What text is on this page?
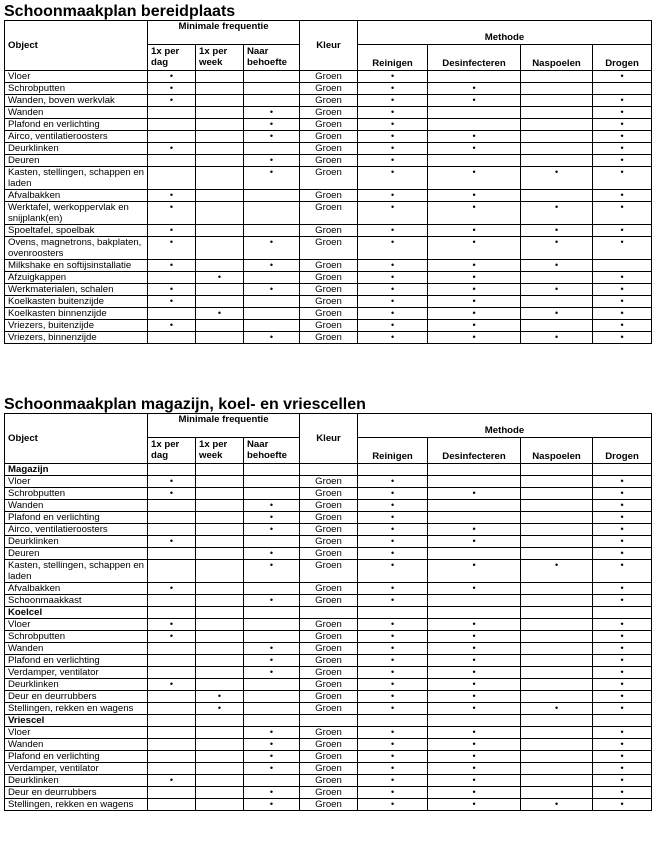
Schoonmaakplan bereidplaats
Object	Minimale frequentie			Kleur	Methode			
	1x per dag	1x per week	Naar behoefte		Reinigen	Desinfecteren	Naspoelen	Drogen
Vloer	•			Groen	•			•
Schrobputten	•			Groen	•	•		
Wanden, boven werkvlak	•			Groen	•	•		•
Wanden			•	Groen	•			•
Plafond en verlichting			•	Groen	•			•
Airco, ventilatieroosters			•	Groen	•	•		•
Deurklinken	•			Groen	•	•		•
Deuren			•	Groen	•			•
Kasten, stellingen, schappen en laden			•	Groen	•	•	•	•
Afvalbakken	•			Groen	•	•		•
Werktafel, werkoppervlak en snijplank(en)	•			Groen	•	•	•	•
Spoeltafel, spoelbak	•			Groen	•	•	•	•
Ovens, magnetrons, bakplaten, ovenroosters	•		•	Groen	•	•	•	•
Milkshake en softijsinstallatie	•		•	Groen	•	•	•	
Afzuigkappen		•		Groen	•	•		•
Werkmaterialen, schalen	•		•	Groen	•	•	•	•
Koelkasten buitenzijde	•			Groen	•	•		•
Koelkasten binnenzijde		•		Groen	•	•	•	•
Vriezers, buitenzijde	•			Groen	•	•		•
Vriezers, binnenzijde			•	Groen	•	•	•	•
Schoonmaakplan magazijn, koel- en vriescellen
Object	Minimale frequentie			Kleur	Methode			
	1x per dag	1x per week	Naar behoefte		Reinigen	Desinfecteren	Naspoelen	Drogen
Magazijn								
Vloer	•			Groen	•			•
Schrobputten	•			Groen	•	•		•
Wanden			•	Groen	•			•
Plafond en verlichting			•	Groen	•			•
Airco, ventilatieroosters			•	Groen	•	•		•
Deurklinken	•			Groen	•	•		•
Deuren			•	Groen	•			•
Kasten, stellingen, schappen en laden			•	Groen	•	•	•	•
Afvalbakken	•			Groen	•	•		•
Schoonmaakkast			•	Groen	•			•
Koelcel								
Vloer	•			Groen	•	•		•
Schrobputten	•			Groen	•	•		•
Wanden			•	Groen	•	•		•
Plafond en verlichting			•	Groen	•	•		•
Verdamper, ventilator			•	Groen	•	•		•
Deurklinken	•			Groen	•	•		•
Deur en deurrubbers		•		Groen	•	•		•
Stellingen, rekken en wagens		•		Groen	•	•	•	•
Vriescel								
Vloer			•	Groen	•	•		•
Wanden			•	Groen	•	•		•
Plafond en verlichting			•	Groen	•	•		•
Verdamper, ventilator			•	Groen	•	•		•
Deurklinken	•			Groen	•	•		•
Deur en deurrubbers			•	Groen	•	•		•
Stellingen, rekken en wagens			•	Groen	•	•	•	•
